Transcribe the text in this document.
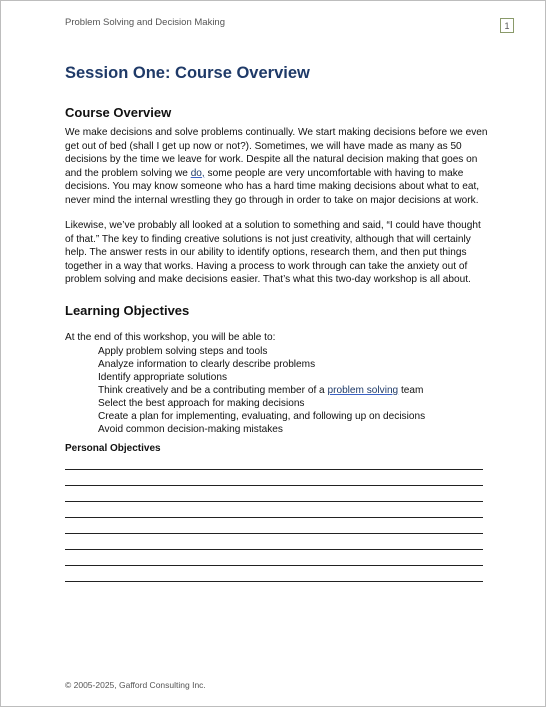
Problem Solving and Decision Making	1
Session One: Course Overview
Course Overview

We make decisions and solve problems continually. We start making decisions before we even
get out of bed (shall I get up now or not?). Sometimes, we will have made as many as 50
decisions by the time we leave for work. Despite all the natural decision making that goes on
and the problem solving we do, some people are very uncomfortable with having to make
decisions. You may know someone who has a hard time making decisions about what to eat,
never mind the internal wrestling they go through in order to take on major decisions at work.

Likewise, we’ve probably all looked at a solution to something and said, “I could have thought
of that.” The key to finding creative solutions is not just creativity, although that will certainly
help. The answer rests in our ability to identify options, research them, and then put things
together in a way that works. Having a process to work through can take the anxiety out of
problem solving and make decisions easier. That’s what this two-day workshop is all about.

Learning Objectives
At the end of this workshop, you will be able to:
Apply problem solving steps and tools
Analyze information to clearly describe problems
Identify appropriate solutions
Think creatively and be a contributing member of a problem solving team
Select the best approach for making decisions
Create a plan for implementing, evaluating, and following up on decisions
Avoid common decision-making mistakes
Personal Objectives
© 2005-2025, Gafford Consulting Inc.
